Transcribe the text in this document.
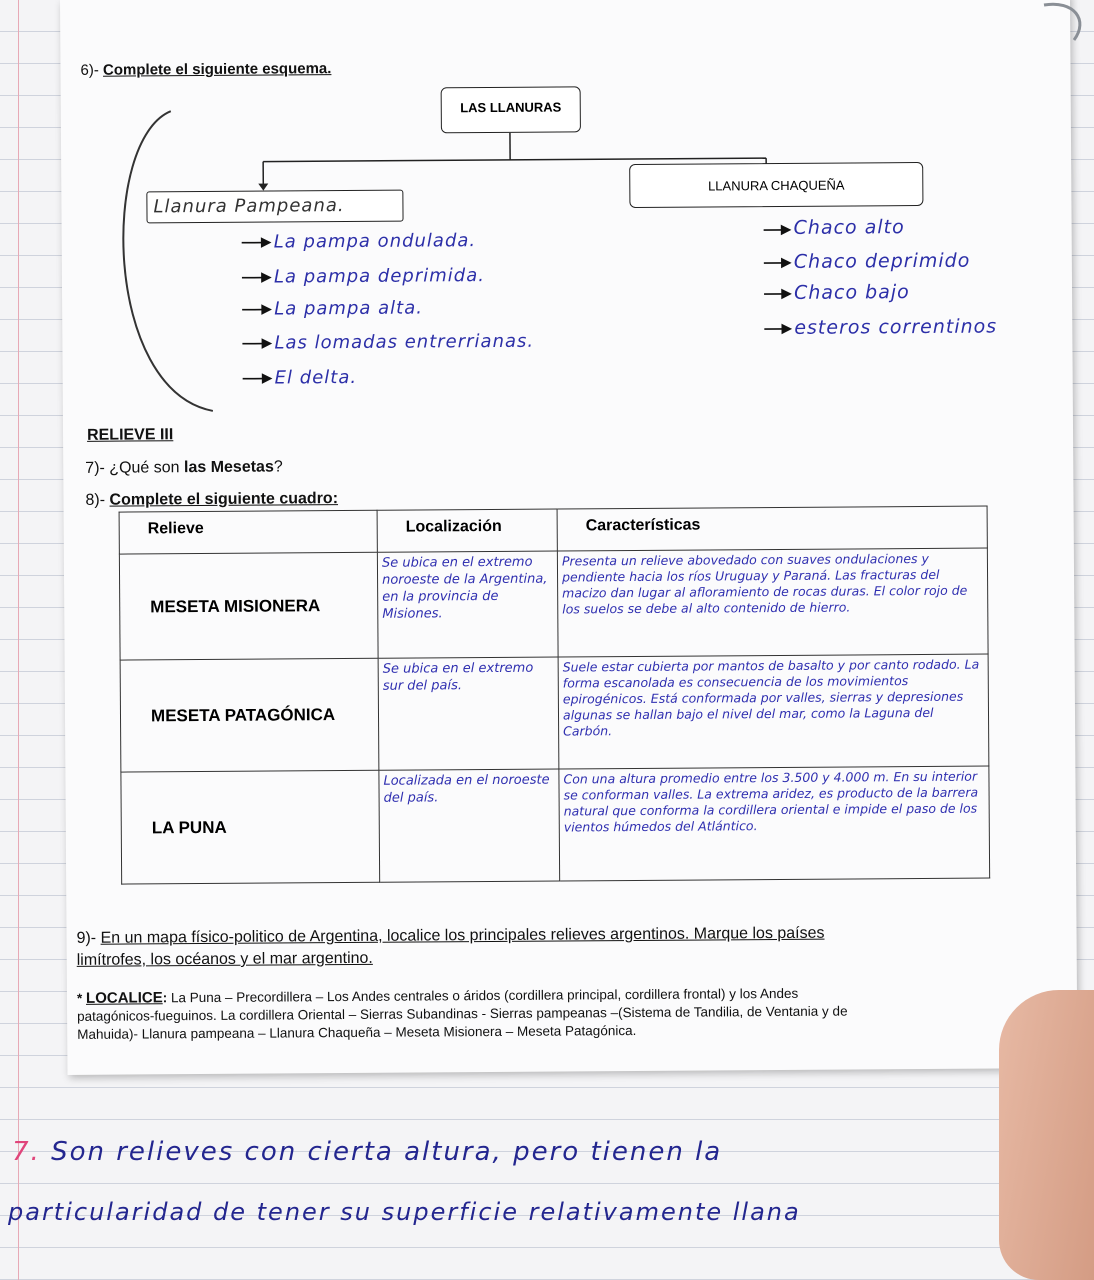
6)- Complete el siguiente esquema.
LAS LLANURAS
Llanura Pampeana.
LLANURA CHAQUEÑA
La pampa ondulada.
La pampa deprimida.
La pampa alta.
Las lomadas entrerrianas.
El delta.
Chaco alto
Chaco deprimido
Chaco bajo
esteros correntinos
RELIEVE III
7)- ¿Qué son las Mesetas?
8)- Complete el siguiente cuadro:
Relieve	Localización	Características

MESETA MISIONERA	Se ubica en el extremo noroeste de la Argentina, en la provincia de Misiones.	Presenta un relieve abovedado con suaves ondulaciones y pendiente hacia los ríos Uruguay y Paraná. Las fracturas del macizo dan lugar al afloramiento de rocas duras. El color rojo de los suelos se debe al alto contenido de hierro.

MESETA PATAGÓNICA	Se ubica en el extremo sur del país.	Suele estar cubierta por mantos de basalto y por canto rodado. La forma escanolada es consecuencia de los movimientos epirogénicos. Está conformada por valles, sierras y depresiones algunas se hallan bajo el nivel del mar, como la Laguna del Carbón.

LA PUNA	Localizada en el noroeste del país.	Con una altura promedio entre los 3.500 y 4.000 m. En su interior se conforman valles. La extrema aridez, es producto de la barrera natural que conforma la cordillera oriental e impide el paso de los vientos húmedos del Atlántico.
9)- En un mapa físico-politico de Argentina, localice los principales relieves argentinos. Marque los países
limítrofes, los océanos y el mar argentino.
* LOCALICE: La Puna – Precordillera – Los Andes centrales o áridos (cordillera principal, cordillera frontal) y los Andes
patagónicos-fueguinos. La cordillera Oriental – Sierras Subandinas - Sierras pampeanas –(Sistema de Tandilia, de Ventania y de
Mahuida)- Llanura pampeana – Llanura Chaqueña – Meseta Misionera – Meseta Patagónica.
7. Son relieves con cierta altura, pero tienen la
particularidad de tener su superficie relativamente llana
